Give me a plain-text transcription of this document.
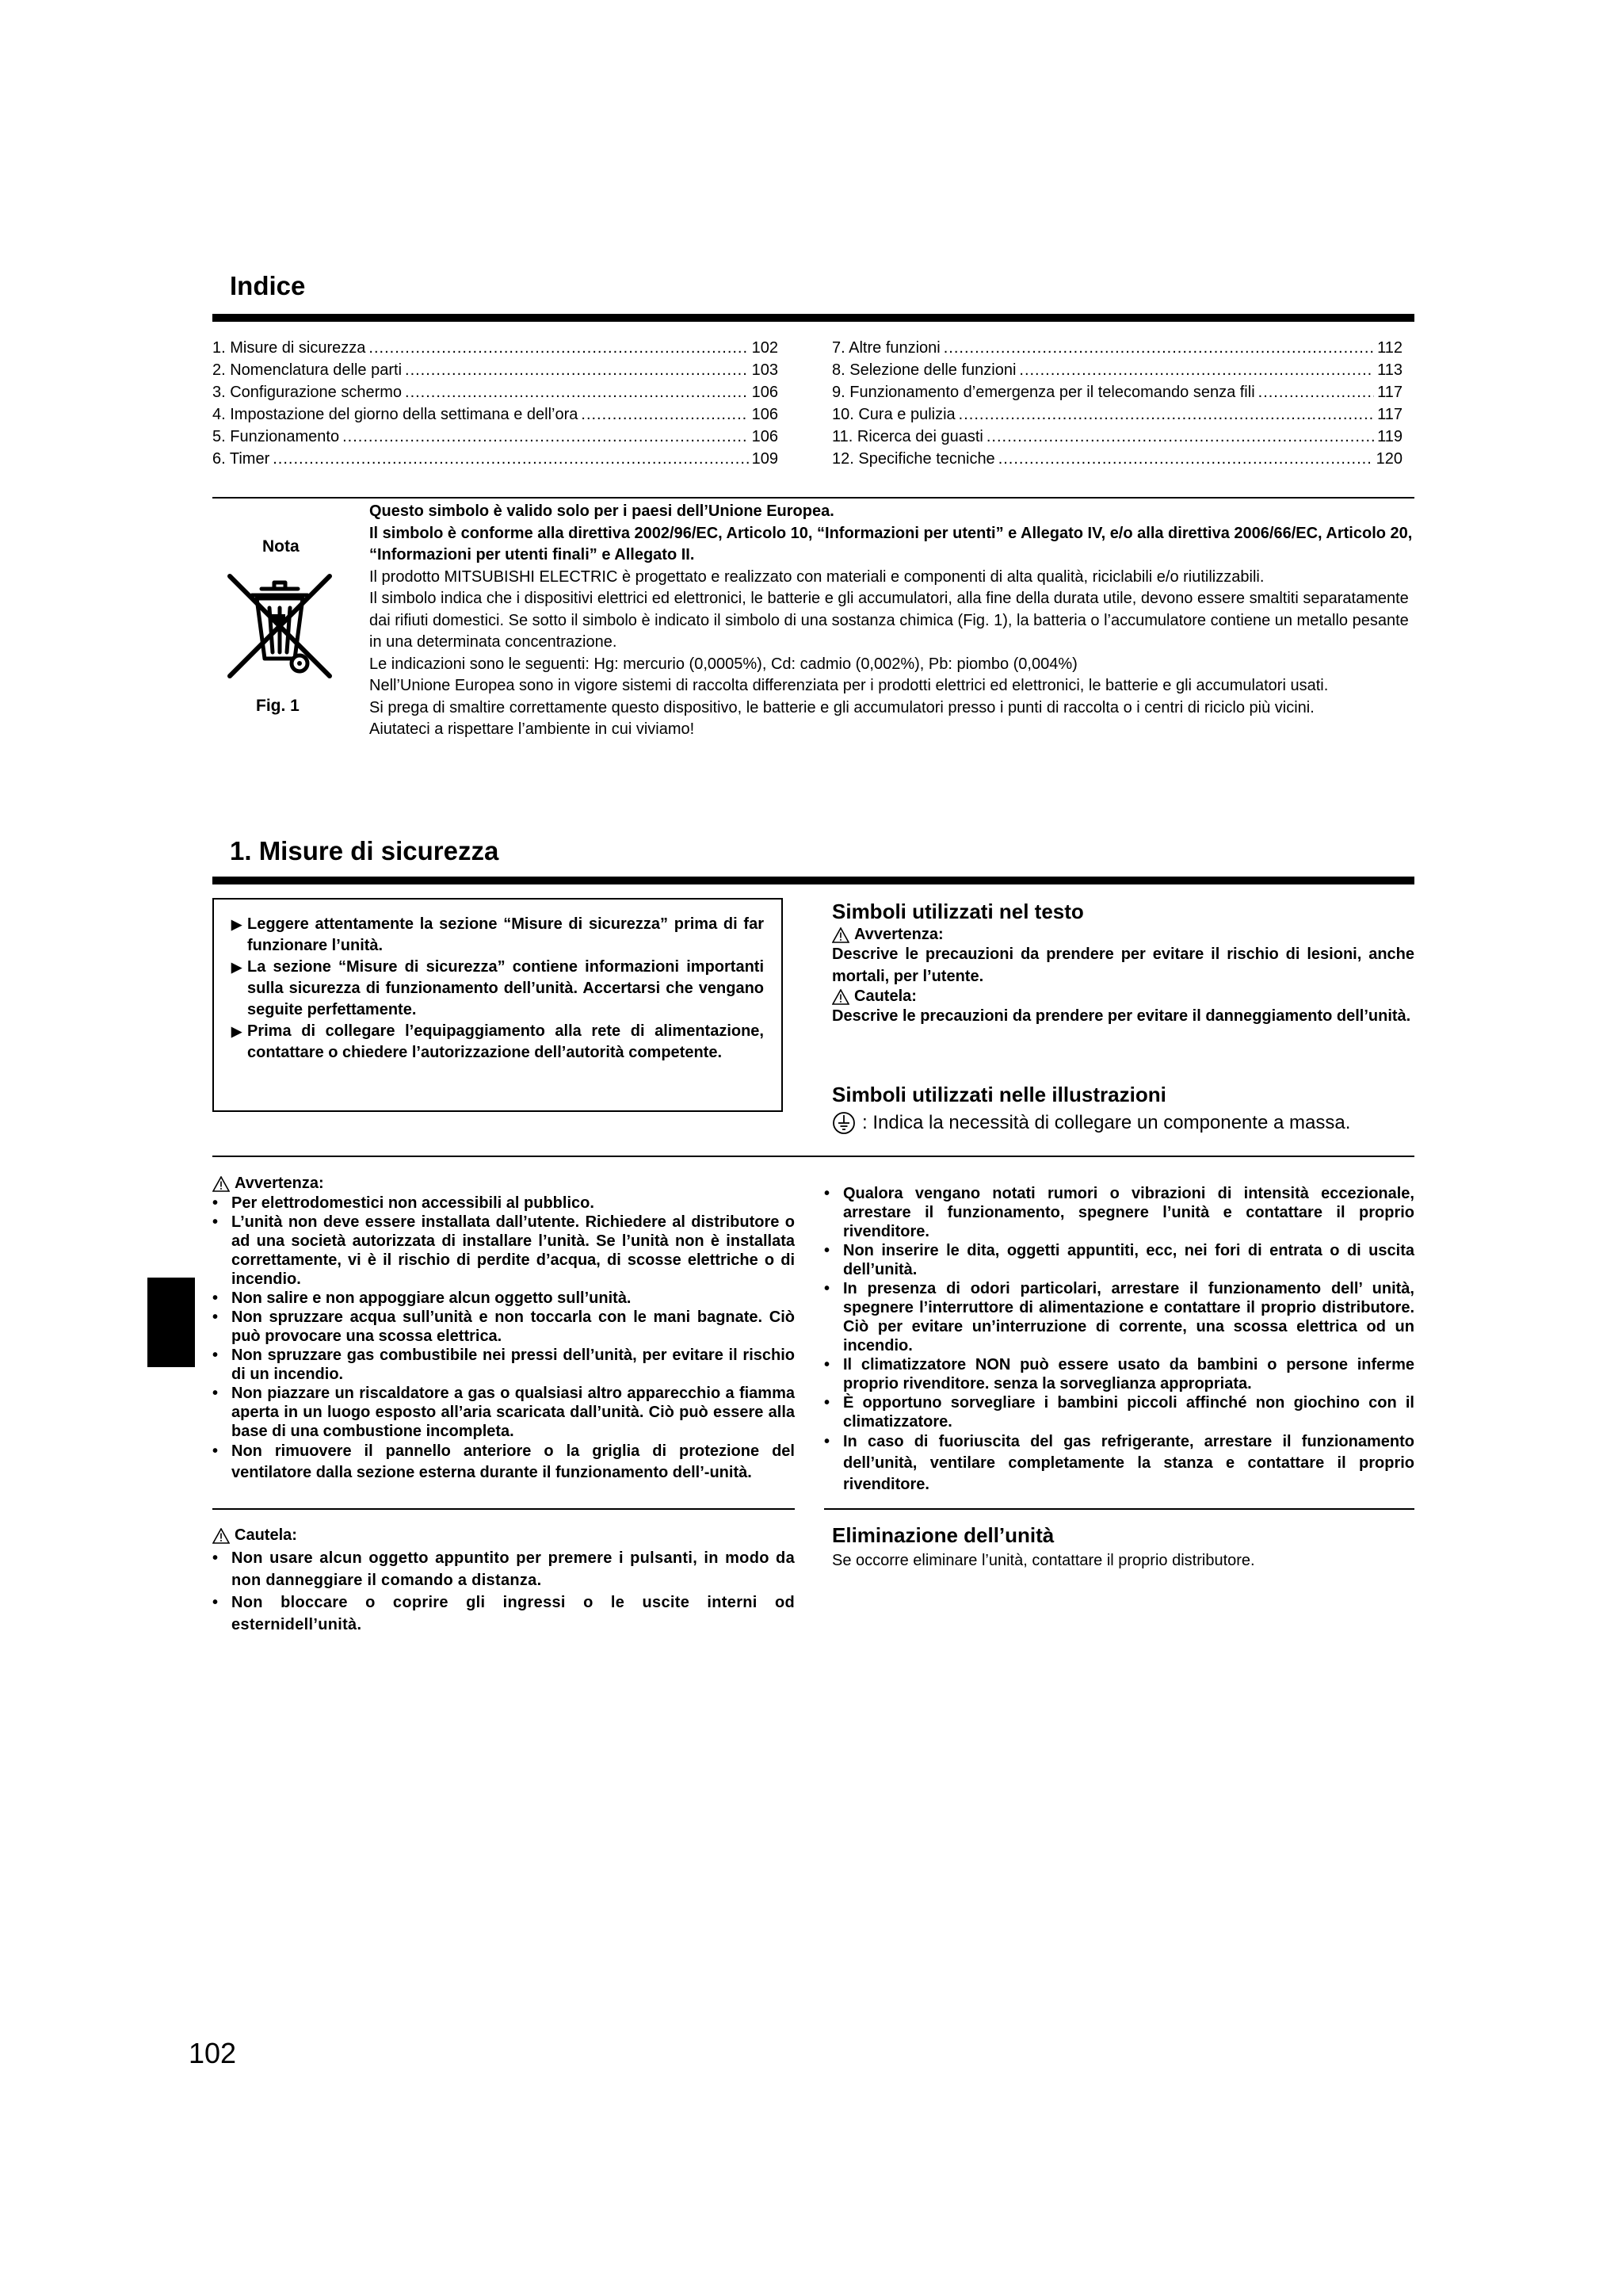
Indice
1. Misure di sicurezza .....	102
2. Nomenclatura delle parti .....	103
3. Configurazione schermo .....	106
4. Impostazione del giorno della settimana e dell’ora .....	106
5. Funzionamento .....	106
6. Timer .....	109
7. Altre funzioni .....	112
8. Selezione delle funzioni .....	113
9. Funzionamento d’emergenza per il telecomando senza fili .....	117
10. Cura e pulizia .....	117
11. Ricerca dei guasti .....	119
12. Specifiche tecniche .....	120
Nota
Fig. 1

Questo simbolo è valido solo per i paesi dell’Unione Europea.

Il simbolo è conforme alla direttiva 2002/96/EC, Articolo 10, “Informazioni per utenti” e Allegato IV, e/o alla direttiva 2006/66/EC, Articolo 20, “Informazioni per utenti finali” e Allegato II.

Il prodotto MITSUBISHI ELECTRIC è progettato e realizzato con materiali e componenti di alta qualità, riciclabili e/o riutilizzabili.

Il simbolo indica che i dispositivi elettrici ed elettronici, le batterie e gli accumulatori, alla fine della durata utile, devono essere smaltiti separatamente dai rifiuti domestici. Se sotto il simbolo è indicato il simbolo di una sostanza chimica (Fig. 1), la batteria o l’accumulatore contiene un metallo pesante in una determinata concentrazione.

Le indicazioni sono le seguenti: Hg: mercurio (0,0005%), Cd: cadmio (0,002%), Pb: piombo (0,004%)

Nell’Unione Europea sono in vigore sistemi di raccolta differenziata per i prodotti elettrici ed elettronici, le batterie e gli accumulatori usati.

Si prega di smaltire correttamente questo dispositivo, le batterie e gli accumulatori presso i punti di raccolta o i centri di riciclo più vicini.

Aiutateci a rispettare l’ambiente in cui viviamo!

1. Misure di sicurezza
▶ Leggere attentamente la sezione “Misure di sicurezza” prima di far funzionare l’unità.
▶ La sezione “Misure di sicurezza” contiene informazioni importanti sulla sicurezza di funzionamento dell’unità. Accertarsi che vengano seguite perfettamente.
▶ Prima di collegare l’equipaggiamento alla rete di alimentazione, contattare o chiedere l’autorizzazione dell’autorità competente.
Simboli utilizzati nel testo
Avvertenza:
Descrive le precauzioni da prendere per evitare il rischio di lesioni, anche mortali, per l’utente.
Cautela:
Descrive le precauzioni da prendere per evitare il danneggiamento dell’unità.
Simboli utilizzati nelle illustrazioni
: Indica la necessità di collegare un componente a massa.
Avvertenza:
• Per elettrodomestici non accessibili al pubblico.
• L’unità non deve essere installata dall’utente. Richiedere al distributore o ad una società autorizzata di installare l’unità. Se l’unità non è installata correttamente, vi è il rischio di perdite d’acqua, di scosse elettriche o di incendio.
• Non salire e non appoggiare alcun oggetto sull’unità.
• Non spruzzare acqua sull’unità e non toccarla con le mani bagnate. Ciò può provocare una scossa elettrica.
• Non spruzzare gas combustibile nei pressi dell’unità, per evitare il rischio di un incendio.
• Non piazzare un riscaldatore a gas o qualsiasi altro apparecchio a fiamma aperta in un luogo esposto all’aria scaricata dall’unità. Ciò può essere alla base di una combustione incompleta.
• Non rimuovere il pannello anteriore o la griglia di protezione del ventilatore dalla sezione esterna durante il funzionamento dell’-unità.
• Qualora vengano notati rumori o vibrazioni di intensità eccezionale, arrestare il funzionamento, spegnere l’unità e contattare il proprio rivenditore.
• Non inserire le dita, oggetti appuntiti, ecc, nei fori di entrata o di uscita dell’unità.
• In presenza di odori particolari, arrestare il funzionamento dell’ unità, spegnere l’interruttore di alimentazione e contattare il proprio distributore. Ciò per evitare un’interruzione di corrente, una scossa elettrica od un incendio.
• Il climatizzatore NON può essere usato da bambini o persone inferme proprio rivenditore. senza la sorveglianza appropriata.
• È opportuno sorvegliare i bambini piccoli affinché non giochino con il climatizzatore.
• In caso di fuoriuscita del gas refrigerante, arrestare il funzionamento dell’unità, ventilare completamente la stanza e contattare il proprio rivenditore.
Cautela:
• Non usare alcun oggetto appuntito per premere i pulsanti, in modo da non danneggiare il comando a distanza.
• Non bloccare o coprire gli ingressi o le uscite interni od esternidell’unità.
Eliminazione dell’unità
Se occorre eliminare l’unità, contattare il proprio distributore.
102
